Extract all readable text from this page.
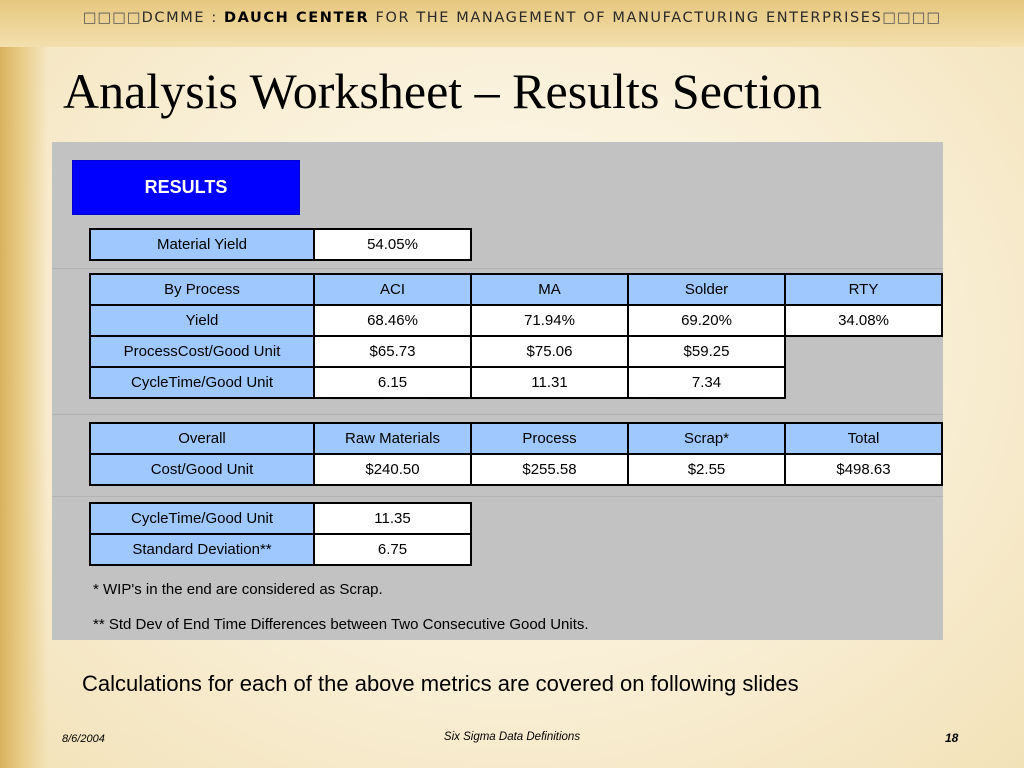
□□□□DCMME : DAUCH CENTER FOR THE MANAGEMENT OF MANUFACTURING ENTERPRISES□□□□
Analysis Worksheet – Results Section
RESULTS
Material Yield	54.05%
By Process	ACI	MA	Solder	RTY
Yield	68.46%	71.94%	69.20%	34.08%
ProcessCost/Good Unit	$65.73	$75.06	$59.25	
CycleTime/Good Unit	6.15	11.31	7.34	
Overall	Raw Materials	Process	Scrap*	Total
Cost/Good Unit	$240.50	$255.58	$2.55	$498.63
CycleTime/Good Unit	11.35
Standard Deviation**	6.75
* WIP's in the end are considered as Scrap.
** Std Dev of End Time Differences between Two Consecutive Good Units.
Calculations for each of the above metrics are covered on following slides
8/6/2004	Six Sigma Data Definitions	18
